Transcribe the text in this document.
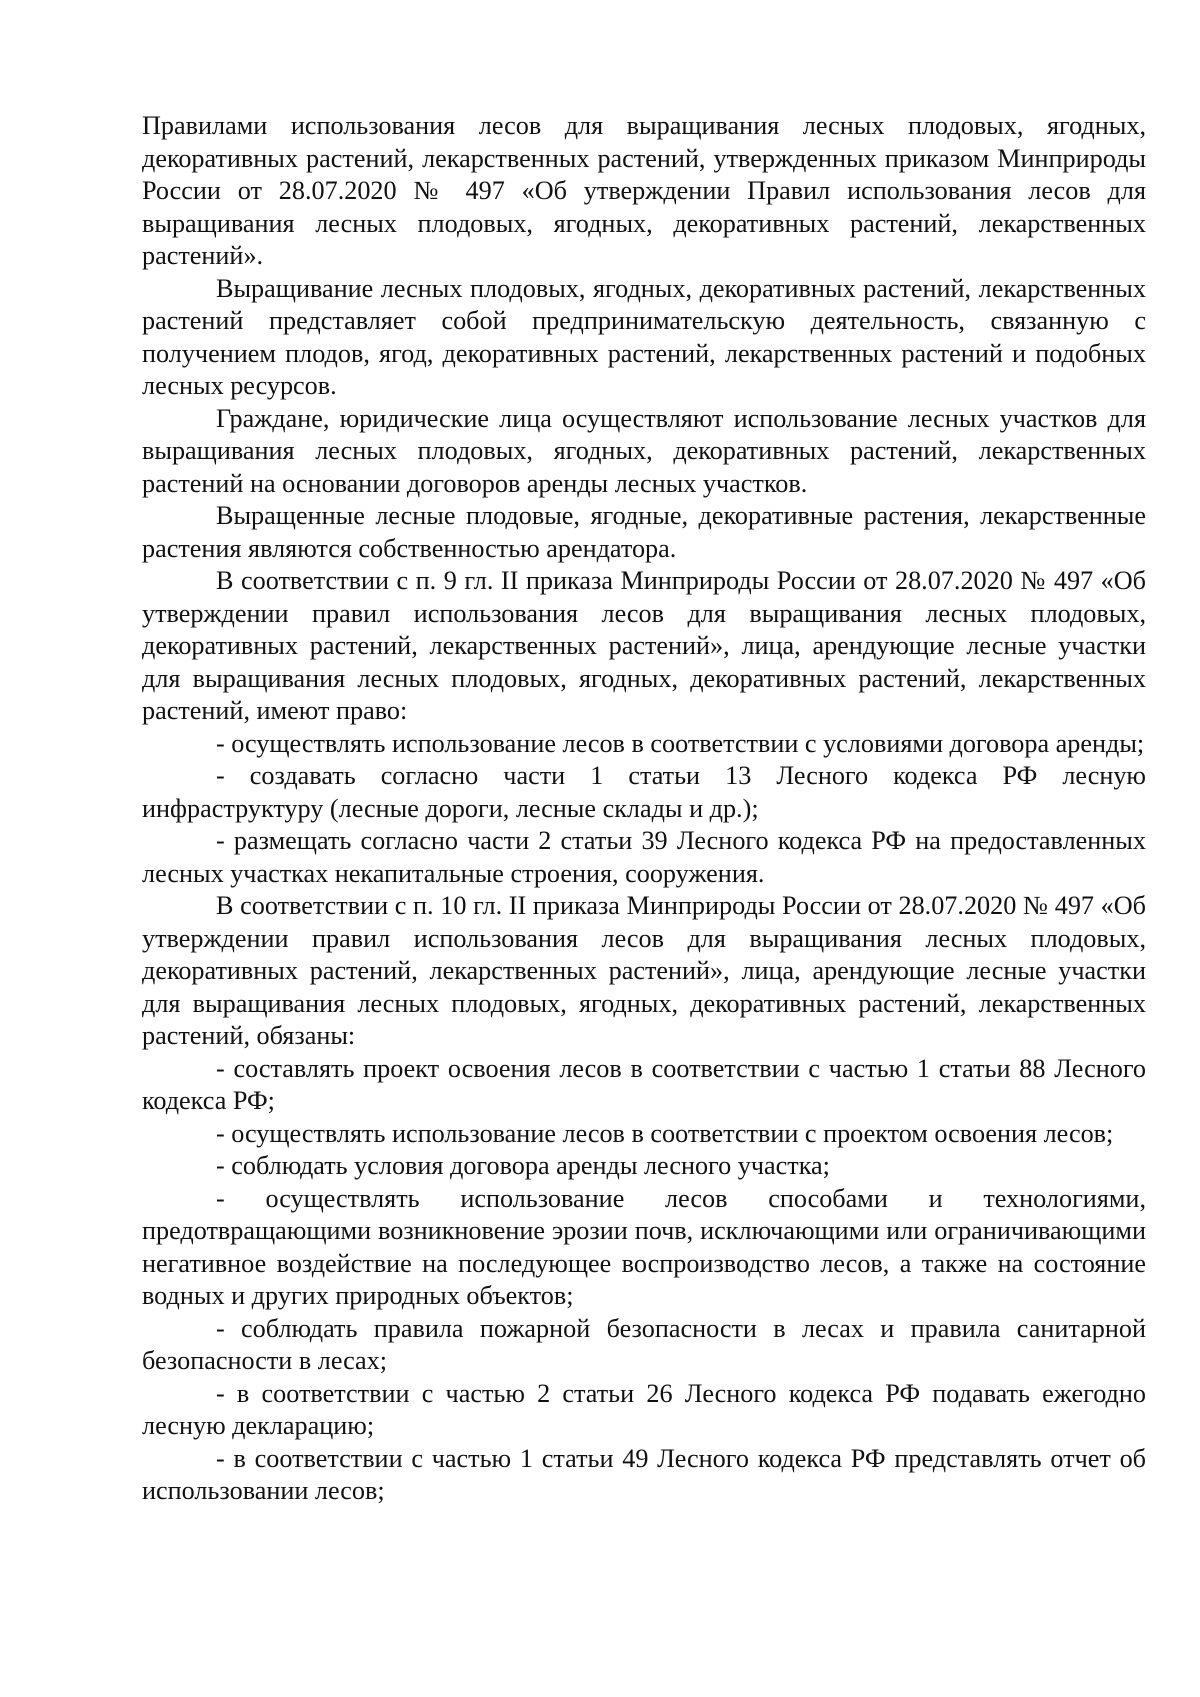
Правилами использования лесов для выращивания лесных плодовых, ягодных, декоративных растений, лекарственных растений, утвержденных приказом Минприроды России от 28.07.2020 № 497 «Об утверждении Правил использования лесов для выращивания лесных плодовых, ягодных, декоративных растений, лекарственных растений».

Выращивание лесных плодовых, ягодных, декоративных растений, лекарственных растений представляет собой предпринимательскую деятельность, связанную с получением плодов, ягод, декоративных растений, лекарственных растений и подобных лесных ресурсов.

Граждане, юридические лица осуществляют использование лесных участков для выращивания лесных плодовых, ягодных, декоративных растений, лекарственных растений на основании договоров аренды лесных участков.

Выращенные лесные плодовые, ягодные, декоративные растения, лекарственные растения являются собственностью арендатора.

В соответствии с п. 9 гл. II приказа Минприроды России от 28.07.2020 № 497 «Об утверждении правил использования лесов для выращивания лесных плодовых, декоративных растений, лекарственных растений», лица, арендующие лесные участки для выращивания лесных плодовых, ягодных, декоративных растений, лекарственных растений, имеют право:

- осуществлять использование лесов в соответствии с условиями договора аренды;

- создавать согласно части 1 статьи 13 Лесного кодекса РФ лесную инфраструктуру (лесные дороги, лесные склады и др.);

- размещать согласно части 2 статьи 39 Лесного кодекса РФ на предоставленных лесных участках некапитальные строения, сооружения.

В соответствии с п. 10 гл. II приказа Минприроды России от 28.07.2020 № 497 «Об утверждении правил использования лесов для выращивания лесных плодовых, декоративных растений, лекарственных растений», лица, арендующие лесные участки для выращивания лесных плодовых, ягодных, декоративных растений, лекарственных растений, обязаны:

- составлять проект освоения лесов в соответствии с частью 1 статьи 88 Лесного кодекса РФ;

- осуществлять использование лесов в соответствии с проектом освоения лесов;

- соблюдать условия договора аренды лесного участка;

- осуществлять использование лесов способами и технологиями, предотвращающими возникновение эрозии почв, исключающими или ограничивающими негативное воздействие на последующее воспроизводство лесов, а также на состояние водных и других природных объектов;

- соблюдать правила пожарной безопасности в лесах и правила санитарной безопасности в лесах;

- в соответствии с частью 2 статьи 26 Лесного кодекса РФ подавать ежегодно лесную декларацию;

- в соответствии с частью 1 статьи 49 Лесного кодекса РФ представлять отчет об использовании лесов;
